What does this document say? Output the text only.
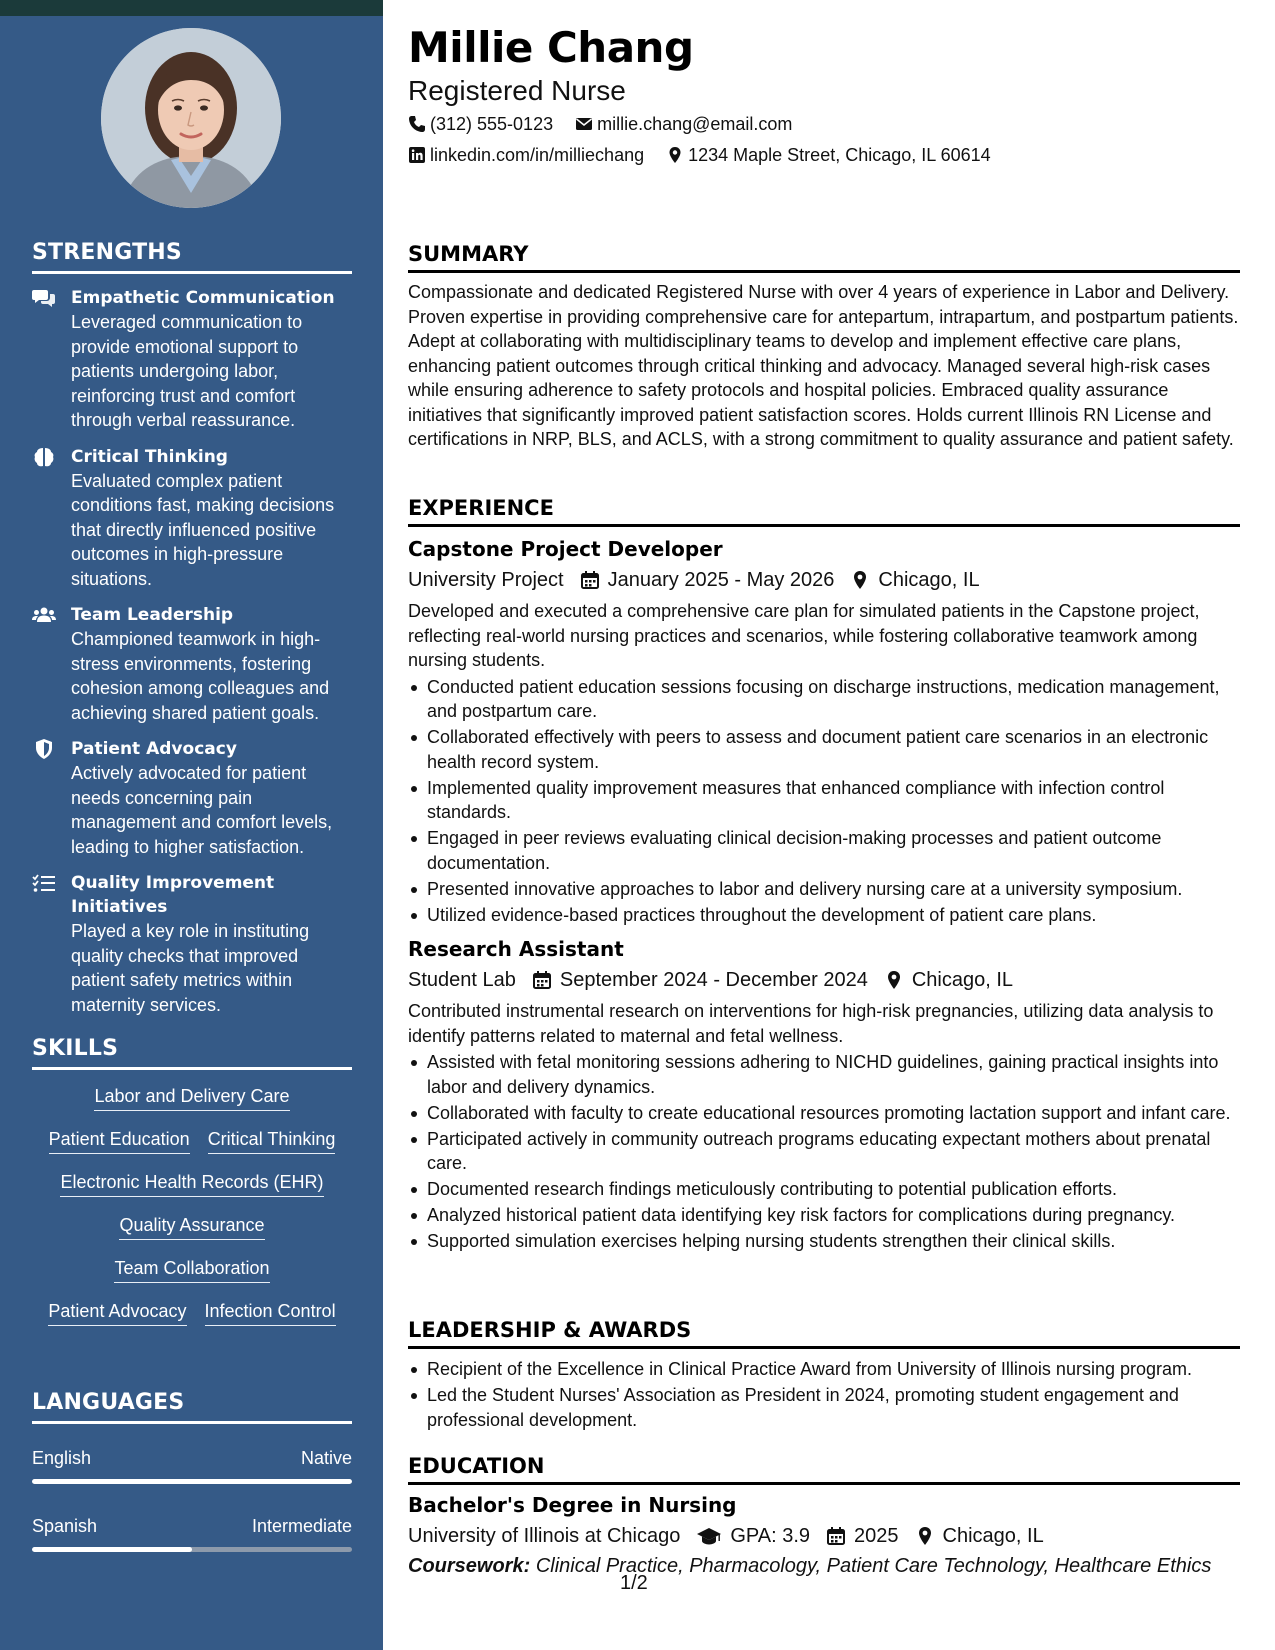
STRENGTHS
Empathetic Communication
Leveraged communication to provide emotional support to patients undergoing labor, reinforcing trust and comfort through verbal reassurance.
Critical Thinking
Evaluated complex patient conditions fast, making decisions that directly influenced positive outcomes in high-pressure situations.
Team Leadership
Championed teamwork in high-stress environments, fostering cohesion among colleagues and achieving shared patient goals.
Patient Advocacy
Actively advocated for patient needs concerning pain management and comfort levels, leading to higher satisfaction.
Quality Improvement Initiatives
Played a key role in instituting quality checks that improved patient safety metrics within maternity services.
SKILLS
Labor and Delivery Care
Patient Education Critical Thinking
Electronic Health Records (EHR)
Quality Assurance
Team Collaboration
Patient Advocacy Infection Control
LANGUAGES
English	Native
Spanish	Intermediate
Millie Chang
Registered Nurse
(312) 555-0123 millie.chang@email.com
linkedin.com/in/milliechang 1234 Maple Street, Chicago, IL 60614
SUMMARY
Compassionate and dedicated Registered Nurse with over 4 years of experience in Labor and Delivery. Proven expertise in providing comprehensive care for antepartum, intrapartum, and postpartum patients. Adept at collaborating with multidisciplinary teams to develop and implement effective care plans, enhancing patient outcomes through critical thinking and advocacy. Managed several high-risk cases while ensuring adherence to safety protocols and hospital policies. Embraced quality assurance initiatives that significantly improved patient satisfaction scores. Holds current Illinois RN License and certifications in NRP, BLS, and ACLS, with a strong commitment to quality assurance and patient safety.
EXPERIENCE
Capstone Project Developer
University Project January 2025 - May 2026 Chicago, IL
Developed and executed a comprehensive care plan for simulated patients in the Capstone project, reflecting real-world nursing practices and scenarios, while fostering collaborative teamwork among nursing students.
Conducted patient education sessions focusing on discharge instructions, medication management, and postpartum care.
Collaborated effectively with peers to assess and document patient care scenarios in an electronic health record system.
Implemented quality improvement measures that enhanced compliance with infection control standards.
Engaged in peer reviews evaluating clinical decision-making processes and patient outcome documentation.
Presented innovative approaches to labor and delivery nursing care at a university symposium.
Utilized evidence-based practices throughout the development of patient care plans.
Research Assistant
Student Lab September 2024 - December 2024 Chicago, IL
Contributed instrumental research on interventions for high-risk pregnancies, utilizing data analysis to identify patterns related to maternal and fetal wellness.
Assisted with fetal monitoring sessions adhering to NICHD guidelines, gaining practical insights into labor and delivery dynamics.
Collaborated with faculty to create educational resources promoting lactation support and infant care.
Participated actively in community outreach programs educating expectant mothers about prenatal care.
Documented research findings meticulously contributing to potential publication efforts.
Analyzed historical patient data identifying key risk factors for complications during pregnancy.
Supported simulation exercises helping nursing students strengthen their clinical skills.
LEADERSHIP & AWARDS
Recipient of the Excellence in Clinical Practice Award from University of Illinois nursing program.
Led the Student Nurses' Association as President in 2024, promoting student engagement and professional development.
EDUCATION
Bachelor's Degree in Nursing
University of Illinois at Chicago	GPA: 3.9 2025 Chicago, IL
Coursework: Clinical Practice, Pharmacology, Patient Care Technology, Healthcare Ethics
1/2
